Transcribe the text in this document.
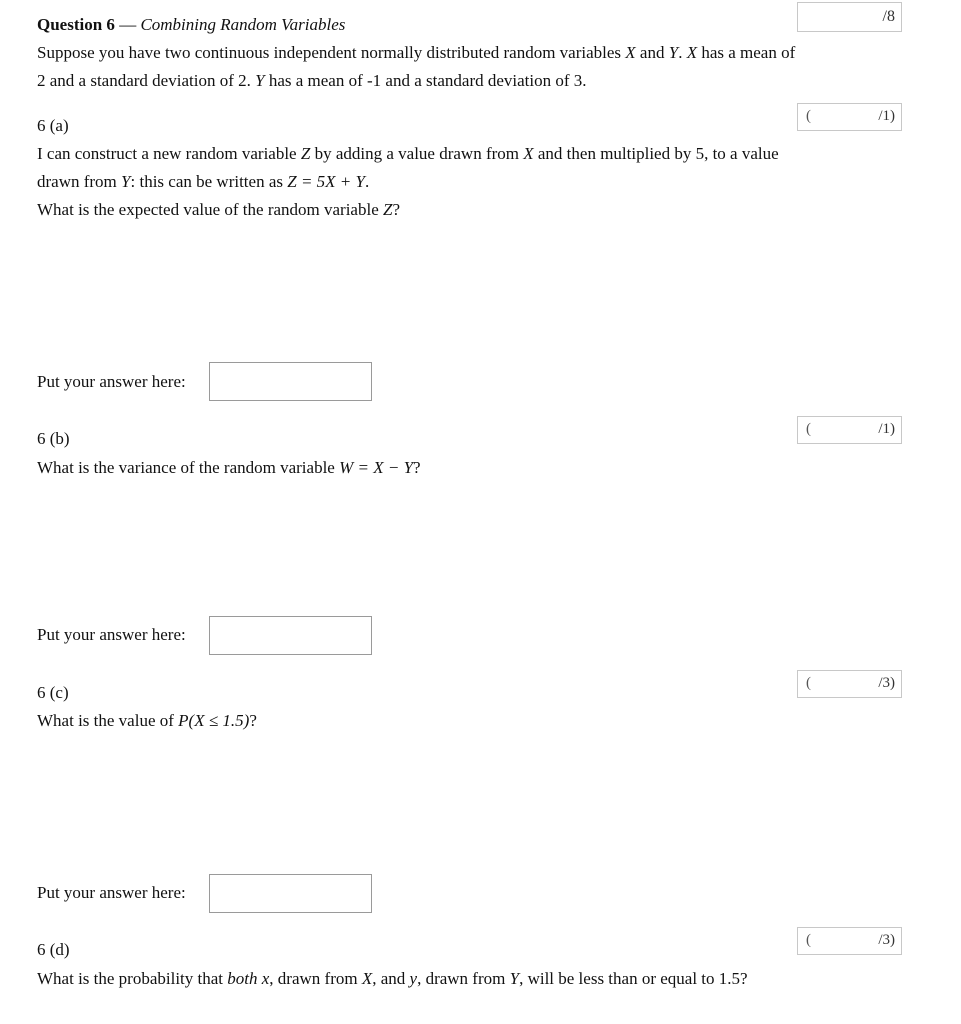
Question 6 — Combining Random Variables	/8
Suppose you have two continuous independent normally distributed random variables X and Y. X has a mean of
2 and a standard deviation of 2. Y has a mean of -1 and a standard deviation of 3.
6 (a)	(	/1)
I can construct a new random variable Z by adding a value drawn from X and then multiplied by 5, to a value
drawn from Y: this can be written as Z = 5X + Y.
What is the expected value of the random variable Z?
Put your answer here:
6 (b)	(	/1)
What is the variance of the random variable W = X − Y?
Put your answer here:
6 (c)	(	/3)
What is the value of P(X ≤ 1.5)?
Put your answer here:
6 (d)	(	/3)
What is the probability that both x, drawn from X, and y, drawn from Y, will be less than or equal to 1.5?
